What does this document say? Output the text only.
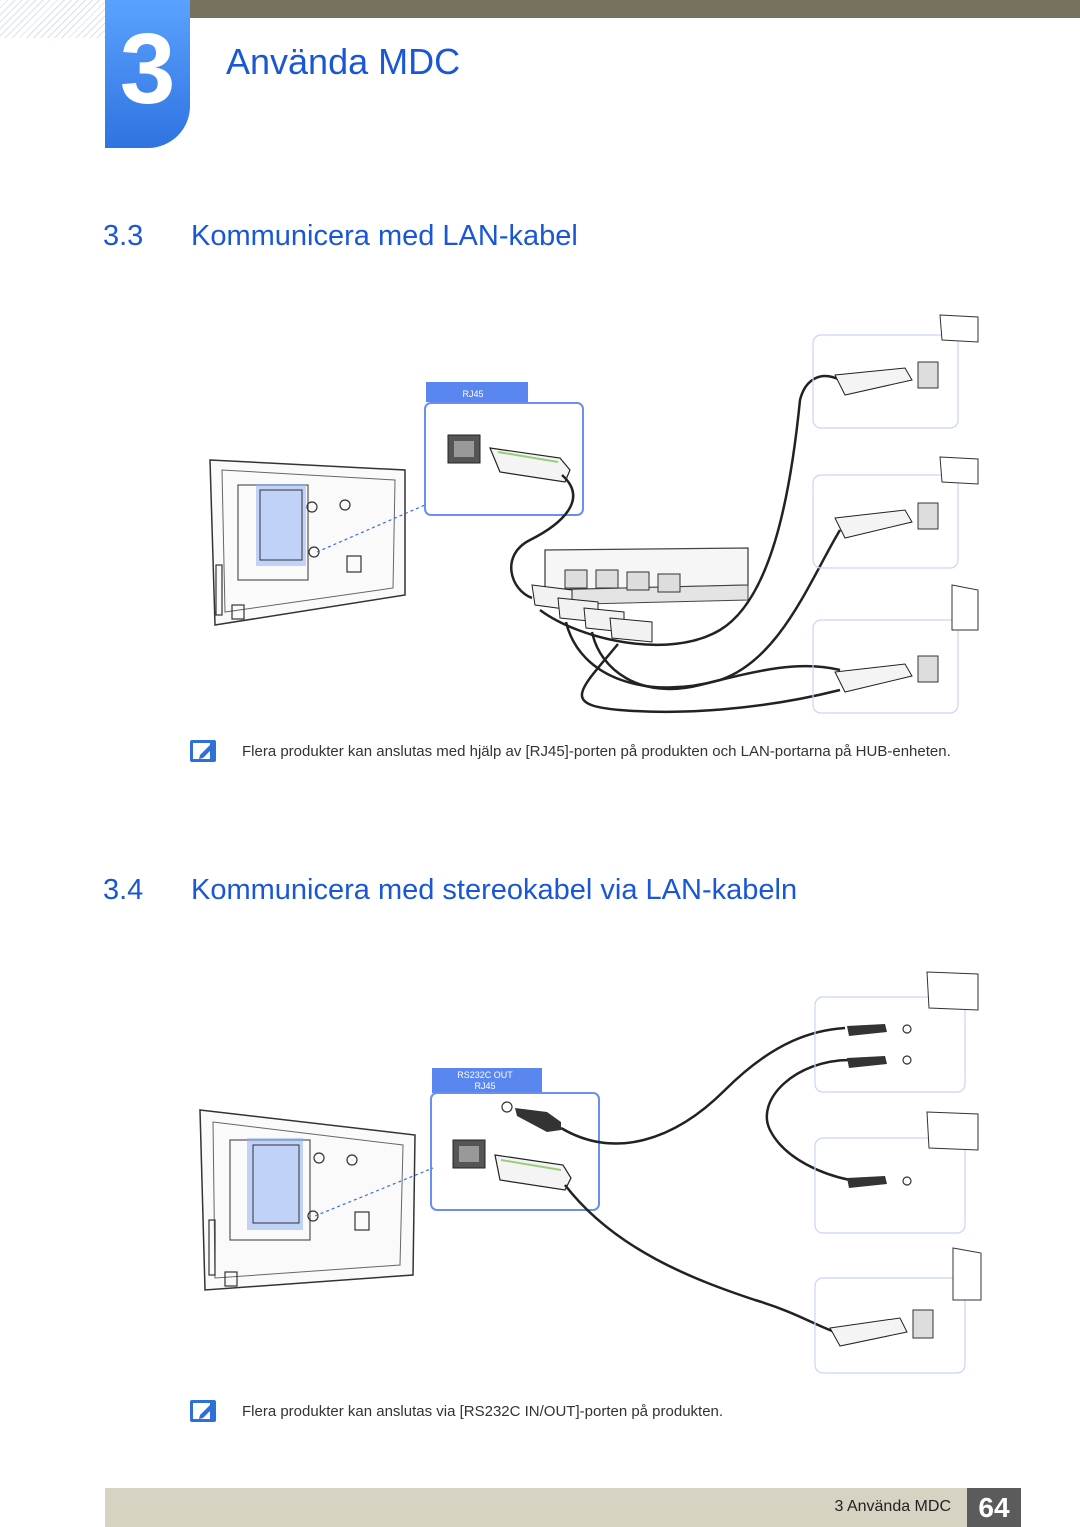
3	Använda MDC
3.3 Kommunicera med LAN-kabel
RJ45
Flera produkter kan anslutas med hjälp av [RJ45]-porten på produkten och LAN-portarna på HUB-enheten.
3.4 Kommunicera med stereokabel via LAN-kabeln
RS232C OUT
RJ45
Flera produkter kan anslutas via [RS232C IN/OUT]-porten på produkten.
3 Använda MDC 64
